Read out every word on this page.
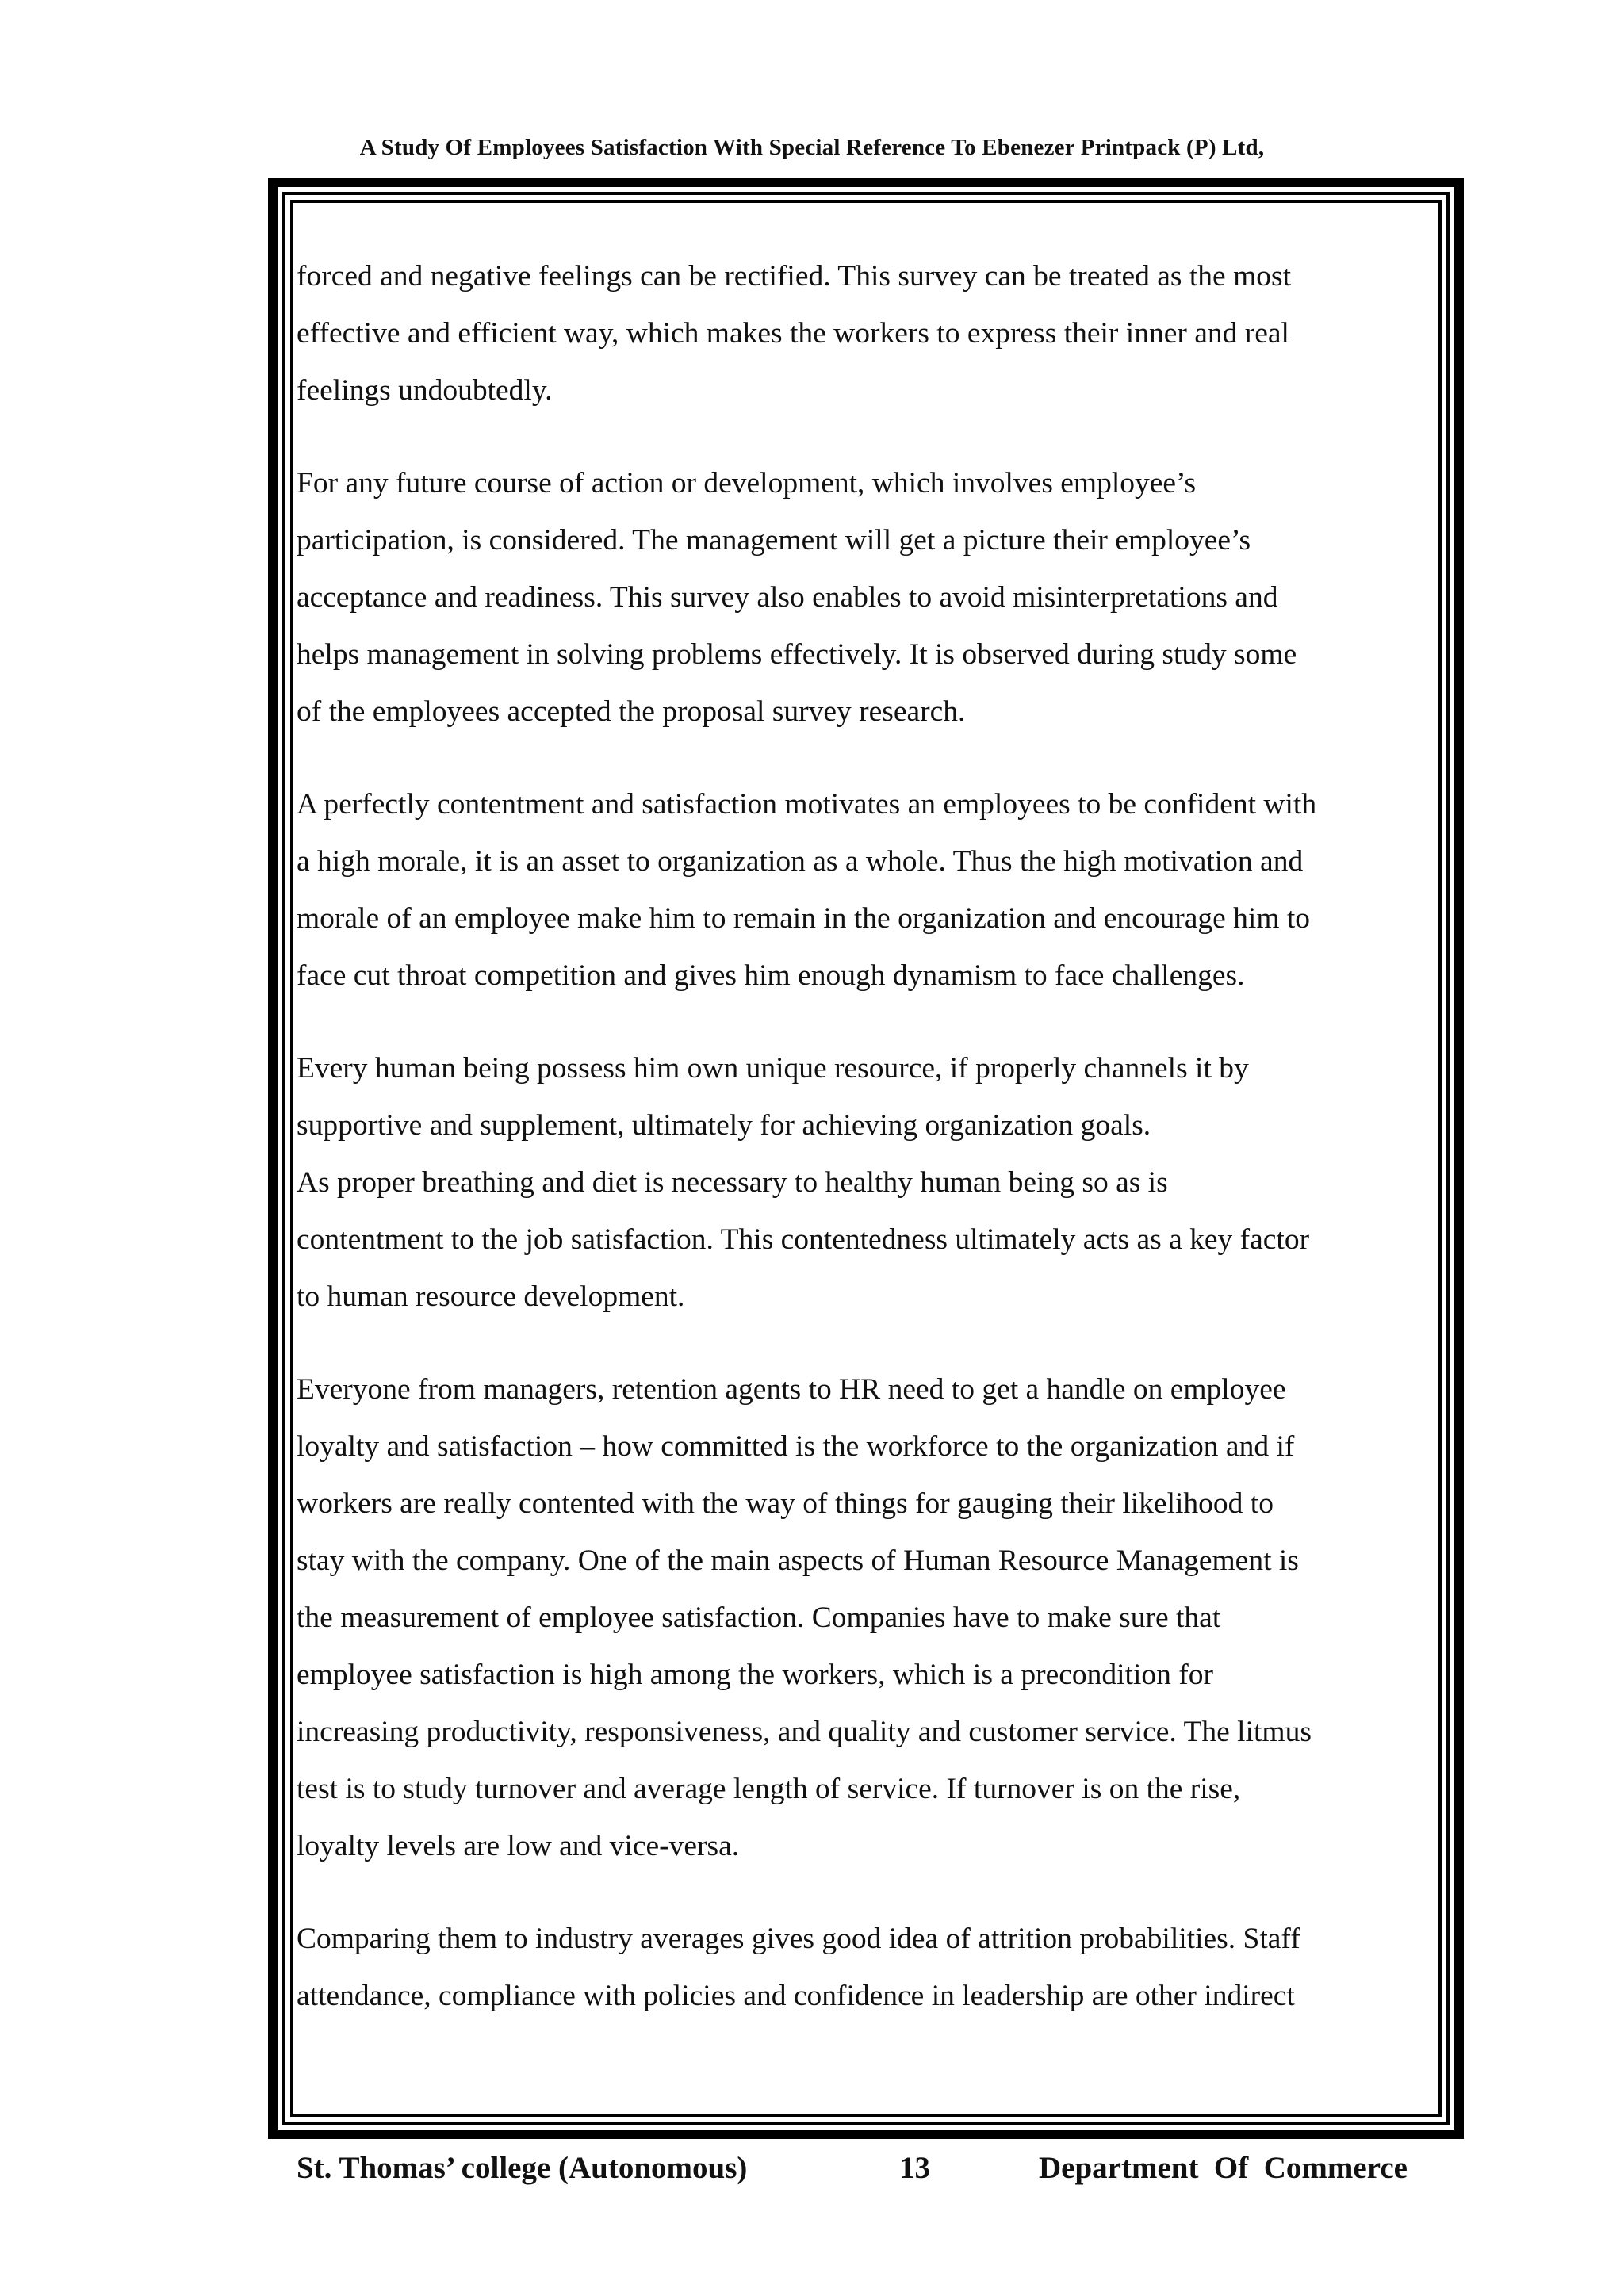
A Study Of Employees Satisfaction With Special Reference To Ebenezer Printpack (P) Ltd,

forced and negative feelings can be rectified. This survey can be treated as the most
effective and efficient way, which makes the workers to express their inner and real
feelings undoubtedly.

For any future course of action or development, which involves employee’s
participation, is considered. The management will get a picture their employee’s
acceptance and readiness. This survey also enables to avoid misinterpretations and
helps management in solving problems effectively. It is observed during study some
of the employees accepted the proposal survey research.

A perfectly contentment and satisfaction motivates an employees to be confident with
a high morale, it is an asset to organization as a whole. Thus the high motivation and
morale of an employee make him to remain in the organization and encourage him to
face cut throat competition and gives him enough dynamism to face challenges.

Every human being possess him own unique resource, if properly channels it by
supportive and supplement, ultimately for achieving organization goals.
As proper breathing and diet is necessary to healthy human being so as is
contentment to the job satisfaction. This contentedness ultimately acts as a key factor
to human resource development.

Everyone from managers, retention agents to HR need to get a handle on employee
loyalty and satisfaction – how committed is the workforce to the organization and if
workers are really contented with the way of things for gauging their likelihood to
stay with the company. One of the main aspects of Human Resource Management is
the measurement of employee satisfaction. Companies have to make sure that
employee satisfaction is high among the workers, which is a precondition for
increasing productivity, responsiveness, and quality and customer service. The litmus
test is to study turnover and average length of service. If turnover is on the rise,
loyalty levels are low and vice-versa.

Comparing them to industry averages gives good idea of attrition probabilities. Staff
attendance, compliance with policies and confidence in leadership are other indirect

St. Thomas’ college (Autonomous)	13	Department  Of  Commerce
